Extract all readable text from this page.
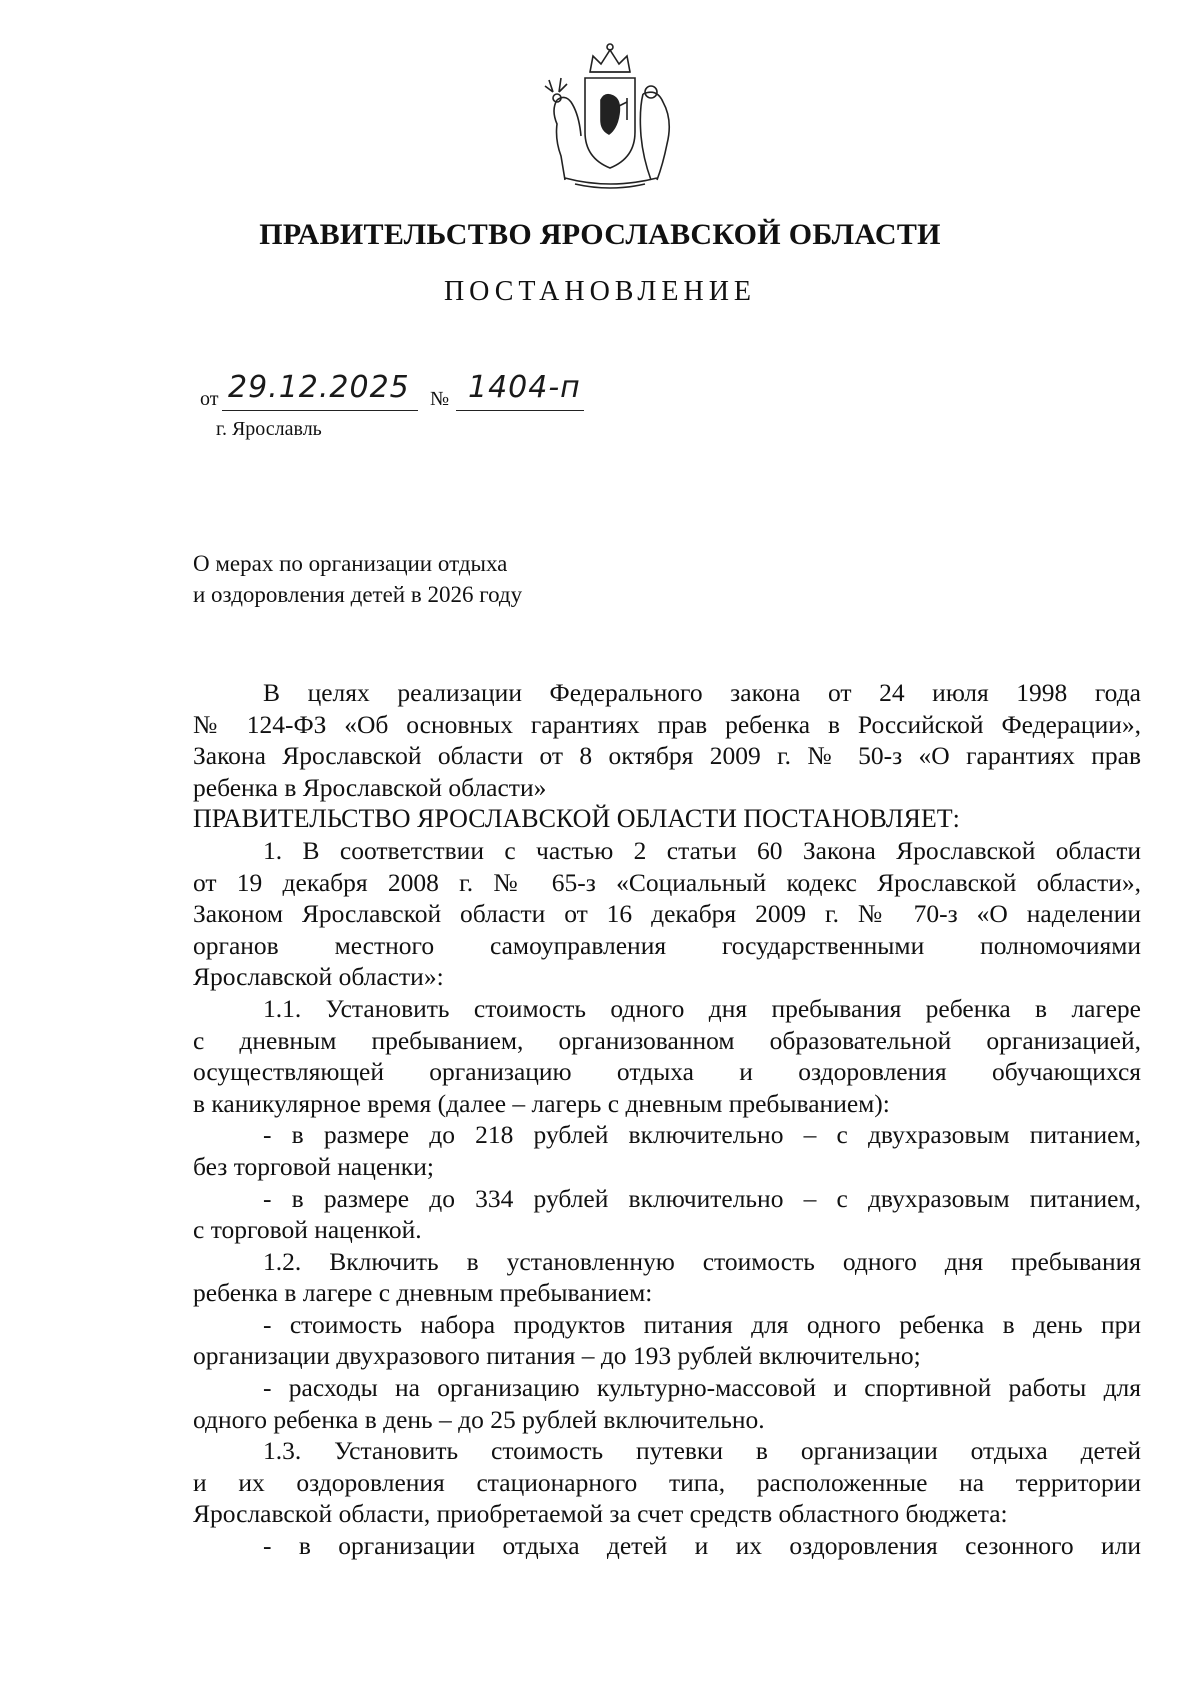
ПРАВИТЕЛЬСТВО ЯРОСЛАВСКОЙ ОБЛАСТИ
ПОСТАНОВЛЕНИЕ
от 29.12.2025 № 1404-п
г. Ярославль
О мерах по организации отдыха
и оздоровления детей в 2026 году
В целях реализации Федерального закона от 24 июля 1998 года
№ 124-ФЗ «Об основных гарантиях прав ребенка в Российской Федерации»,
Закона Ярославской области от 8 октября 2009 г. № 50-з «О гарантиях прав
ребенка в Ярославской области»
ПРАВИТЕЛЬСТВО ЯРОСЛАВСКОЙ ОБЛАСТИ ПОСТАНОВЛЯЕТ:
1. В соответствии с частью 2 статьи 60 Закона Ярославской области
от 19 декабря 2008 г. № 65-з «Социальный кодекс Ярославской области»,
Законом Ярославской области от 16 декабря 2009 г. № 70-з «О наделении
органов местного самоуправления государственными полномочиями
Ярославской области»:
1.1. Установить стоимость одного дня пребывания ребенка в лагере
с дневным пребыванием, организованном образовательной организацией,
осуществляющей организацию отдыха и оздоровления обучающихся
в каникулярное время (далее – лагерь с дневным пребыванием):
- в размере до 218 рублей включительно – с двухразовым питанием,
без торговой наценки;
- в размере до 334 рублей включительно – с двухразовым питанием,
с торговой наценкой.
1.2. Включить в установленную стоимость одного дня пребывания
ребенка в лагере с дневным пребыванием:
- стоимость набора продуктов питания для одного ребенка в день при
организации двухразового питания – до 193 рублей включительно;
- расходы на организацию культурно-массовой и спортивной работы для
одного ребенка в день – до 25 рублей включительно.
1.3. Установить стоимость путевки в организации отдыха детей
и их оздоровления стационарного типа, расположенные на территории
Ярославской области, приобретаемой за счет средств областного бюджета:
- в организации отдыха детей и их оздоровления сезонного или
